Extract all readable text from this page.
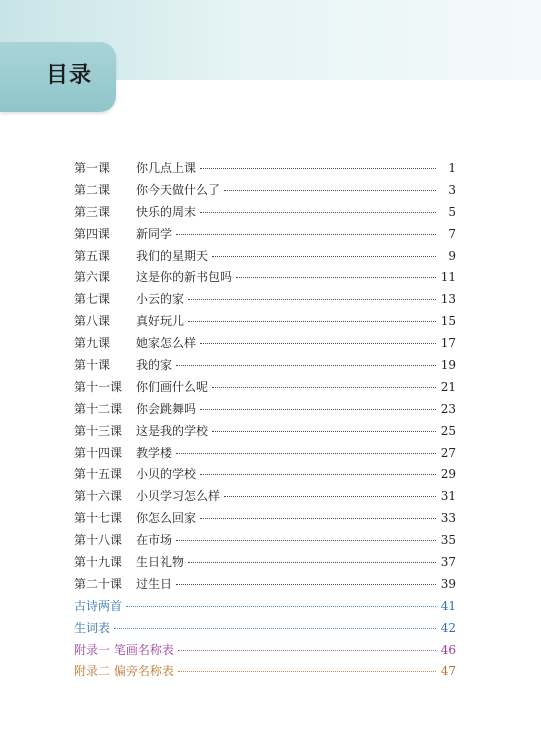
目录
第一课	你几点上课	1
第二课	你今天做什么了	3
第三课	快乐的周末	5
第四课	新同学	7
第五课	我们的星期天	9
第六课	这是你的新书包吗	11
第七课	小云的家	13
第八课	真好玩儿	15
第九课	她家怎么样	17
第十课	我的家	19
第十一课	你们画什么呢	21
第十二课	你会跳舞吗	23
第十三课	这是我的学校	25
第十四课	教学楼	27
第十五课	小贝的学校	29
第十六课	小贝学习怎么样	31
第十七课	你怎么回家	33
第十八课	在市场	35
第十九课	生日礼物	37
第二十课	过生日	39
古诗两首	41
生词表	42
附录一 笔画名称表	46
附录二 偏旁名称表	47
